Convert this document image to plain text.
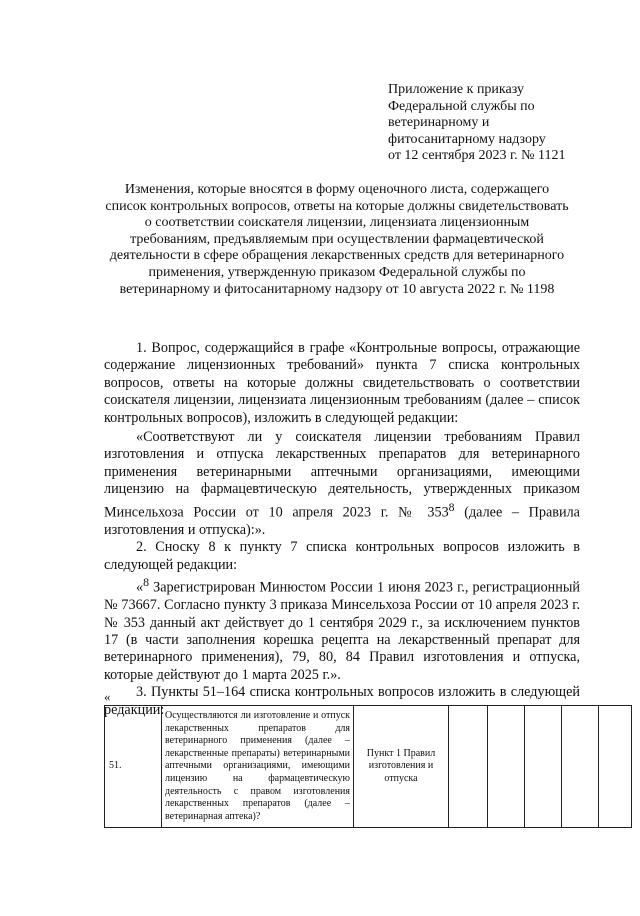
Приложение к приказу
Федеральной службы по
ветеринарному и
фитосанитарному надзору
от 12 сентября 2023 г. № 1121
Изменения, которые вносятся в форму оценочного листа, содержащего
список контрольных вопросов, ответы на которые должны свидетельствовать
о соответствии соискателя лицензии, лицензиата лицензионным
требованиям, предъявляемым при осуществлении фармацевтической
деятельности в сфере обращения лекарственных средств для ветеринарного
применения, утвержденную приказом Федеральной службы по
ветеринарному и фитосанитарному надзору от 10 августа 2022 г. № 1198

1. Вопрос, содержащийся в графе «Контрольные вопросы, отражающие содержание лицензионных требований» пункта 7 списка контрольных вопросов, ответы на которые должны свидетельствовать о соответствии соискателя лицензии, лицензиата лицензионным требованиям (далее – список контрольных вопросов), изложить в следующей редакции:

«Соответствуют ли у соискателя лицензии требованиям Правил изготовления и отпуска лекарственных препаратов для ветеринарного применения ветеринарными аптечными организациями, имеющими лицензию на фармацевтическую деятельность, утвержденных приказом Минсельхоза России от 10 апреля 2023 г. № $353^8$ (далее – Правила изготовления и отпуска):».

2. Сноску 8 к пункту 7 списка контрольных вопросов изложить в следующей редакции:

«$^8$ Зарегистрирован Минюстом России 1 июня 2023 г., регистрационный № 73667. Согласно пункту 3 приказа Минсельхоза России от 10 апреля 2023 г. № 353 данный акт действует до 1 сентября 2029 г., за исключением пунктов 17 (в части заполнения корешка рецепта на лекарственный препарат для ветеринарного применения), 79, 80, 84 Правил изготовления и отпуска, которые действуют до 1 марта 2025 г.».

3. Пункты 51–164 списка контрольных вопросов изложить в следующей редакции:

«
51.	Осуществляются ли изготовление и отпуск лекарственных препаратов для ветеринарного применения (далее – лекарственные препараты) ветеринарными аптечными организациями, имеющими лицензию на фармацевтическую деятельность с правом изготовления лекарственных препаратов (далее – ветеринарная аптека)?	Пункт 1 Правил изготовления и отпуска					
